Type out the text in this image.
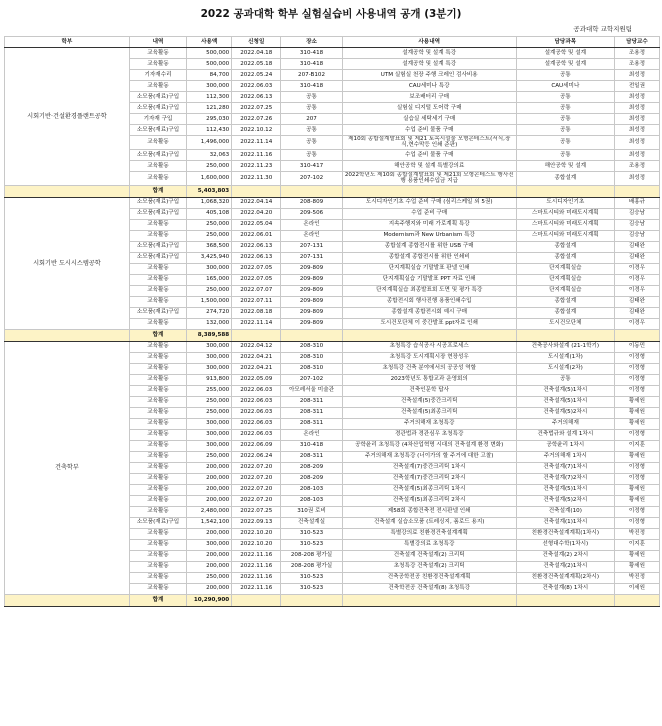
2022 공과대학 학부 실험실습비 사용내역 공개 (3분기)
공과대학 교학지원팀
학부	내역	사용액	신청일	장소	사용내역	담당과목	담당교수
시회기반·건설환경플랜트공학	교육활동	500,000	2022.04.18	310-418	설계공학 및 설계 특강	설계공학 및 설계	조용정
	교육활동	500,000	2022.05.18	310-418	설계공학 및 설계 특강	설계공학 및 설계	조용정
	기자재수리	84,700	2022.05.24	207-B102	UTM 실험실 천장 주행 크레인 검사비용	공통	최성정
	교육활동	300,000	2022.06.03	310-418	CAU세미나 특강	CAU세미나	전일권
	소모품(재료)구입	112,300	2022.06.13	공통	보조배터리 구매	공통	최성정
	소모품(재료)구입	121,280	2022.07.25	공통	실험실 디지털 도어락 구매	공통	최성정
	기자재 구입	295,030	2022.07.26	207	실습실 세탁세기 구매	공통	최성정
	소모품(재료)구입	112,430	2022.10.12	공통	수업 준비 물품 구매	공통	최성정
	교육활동	1,496,000	2022.11.14	공통	제10회 종합설계발표회 및 제21 토목시설물 모형콘테스트(서식,장식,현수막등 인쇄 준판)	공통	최성정
	소모품(재료)구입	32,063	2022.11.16	공통	수업 준비 물품 구매	공통	최성정
	교육활동	250,000	2022.11.23	310-417	해안공학 및 설계 특별강의료	해안공학 및 설계	조용정
	교육활동	1,600,000	2022.11.30	207-102	2022학년도 제10회 종합설계발표회 및 제21회 모형콘테스트 행사진행 용품인쇄수입금 지급	종합설계	최성정
	합계	5,403,803					
시회기반 도시시스템공학	소모품(재료)구입	1,068,320	2022.04.14	208-809	도시디자인기초 수업 준비 구매 (심리스케일 외 5권)	도시디자인기초	배홍규
	소모품(재료)구입	405,108	2022.04.20	209-506	수업 준비 구매	스마트시티와 미래도시계획	김승남
	교육활동	250,000	2022.05.04	온라인	지속주행지와 미래 가로계획 특강	스마트시티와 미래도시계획	김승남
	교육활동	250,000	2022.06.01	온라인	Modernism과 New Urbanism 특강	스마트시티와 미래도시계획	김승남
	소모품(재료)구입	368,500	2022.06.13	207-131	종합설계 종합전시를 위한 USB 구매	종합설계	김태완
	소모품(재료)구입	3,425,940	2022.06.13	207-131	종합설계 종합전시를 위한 인쇄비	종합설계	김태완
	교육활동	300,000	2022.07.05	209-809	단지계획실습 기말발표 판넬 인쇄	단지계획실습	이경우
	교육활동	165,000	2022.07.05	209-809	단지계획실습 기말발표 PPT 자료 인쇄	단지계획실습	이경우
	교육활동	250,000	2022.07.07	209-809	단지계획실습 최종발표회 도면 및 평가 특강	단지계획실습	이경우
	교육활동	1,500,000	2022.07.11	209-809	종합전시회 행사진행 용품인쇄수입	종합설계	김태완
	소모품(재료)구입	274,720	2022.08.18	209-809	종합설계 종합전시회 예시 구매	종합설계	김태완
	교육활동	132,000	2022.11.14	209-809	도시건모단체 이 중간발표 ppt자료 인쇄	도시건모단체	이경우
	합계	8,389,588					
건축학부	교육활동	300,000	2022.04.12	208-310	초청특강 습식공사 시공프로세스	건축공사와설계 (21-1학기)	이동민
	교육활동	300,000	2022.04.21	208-310	초청특강 도시계획시장 현장성우	도시설계(1차)	이정형
	교육활동	300,000	2022.04.21	208-310	초청특강 건축 분야에서의 공공성 역할	도시설계(2차)	이정형
	교육활동	913,800	2022.05.09	207-102	2023학년도 통합교과 운영회의	공통	이정형
	교육활동	255,000	2022.06.03	아모레서울 미술관	건축인문학 답사	건축설계(5)1차시	이정형
	교육활동	250,000	2022.06.03	208-311	건축설계(5)중간크리틱	건축설계(5)1차시	황세원
	교육활동	250,000	2022.06.03	208-311	건축설계(5)최종크리틱	건축설계(5)2차시	황세원
	교육활동	300,000	2022.06.03	208-311	주거의해재 초청특강	주거의해재	황세원
	교육활동	300,000	2022.06.03	온라인	경관법과 경관심우 초청특강	건축법규와 설계 1차시	이정형
	교육활동	300,000	2022.06.09	310-418	공학윤리 초청특강 (4차산업혁명 시대의 건축설계 환경 변화)	공학윤리 1차시	이지훈
	교육활동	250,000	2022.06.24	208-311	주거의해재 초청특강 (너이가의 할 주거에 대한 고찰)	주거의해재 1차시	황세원
	교육활동	200,000	2022.07.20	208-209	건축설계(7)중간크리틱 1차시	건축설계(7)1차시	이정형
	교육활동	200,000	2022.07.20	208-209	건축설계(7)중간크리틱 2차시	건축설계(7)2차시	이정형
	교육활동	200,000	2022.07.20	208-103	건축설계(5)최종크리틱 1차시	건축설계(5)1차시	황세원
	교육활동	200,000	2022.07.20	208-103	건축설계(5)최종크리틱 2차시	건축설계(5)2차시	황세원
	교육활동	2,480,000	2022.07.25	310권 로비	제58회 종합건축전 전시판넬 인쇄	건축설계(10)	이정형
	소모품(재료)구입	1,542,100	2022.09.13	건축설계실	건축설계 실습소모품 (트레싱지, 폼로드 용지)	건축설계(1)1차시	이정형
	교육활동	200,000	2022.10.20	310-523	특별강의료 친환경건축설계계획	친환경건축설계계획(1차시)	박진정
	교육활동	300,000	2022.10.20	310-523	특별강의료 초청특강	선형대수학(1차시)	이지훈
	교육활동	200,000	2022.11.16	208-208 평가실	건축설계 건축설계(2) 크리틱	건축설계(2) 2차시	황세원
	교육활동	200,000	2022.11.16	208-208 평가실	초청특강 건축설계(2) 크리틱	건축설계(2)1차시	황세원
	교육활동	250,000	2022.11.16	310-523	건축공학전공 친환경건축설계계획	친환경건축설계계획(2차시)	박진정
	교육활동	200,000	2022.11.16	310-523	건축학전공 건축설계(8) 초청특강	건축설계(8) 1차시	이세원
	합계	10,290,900					
